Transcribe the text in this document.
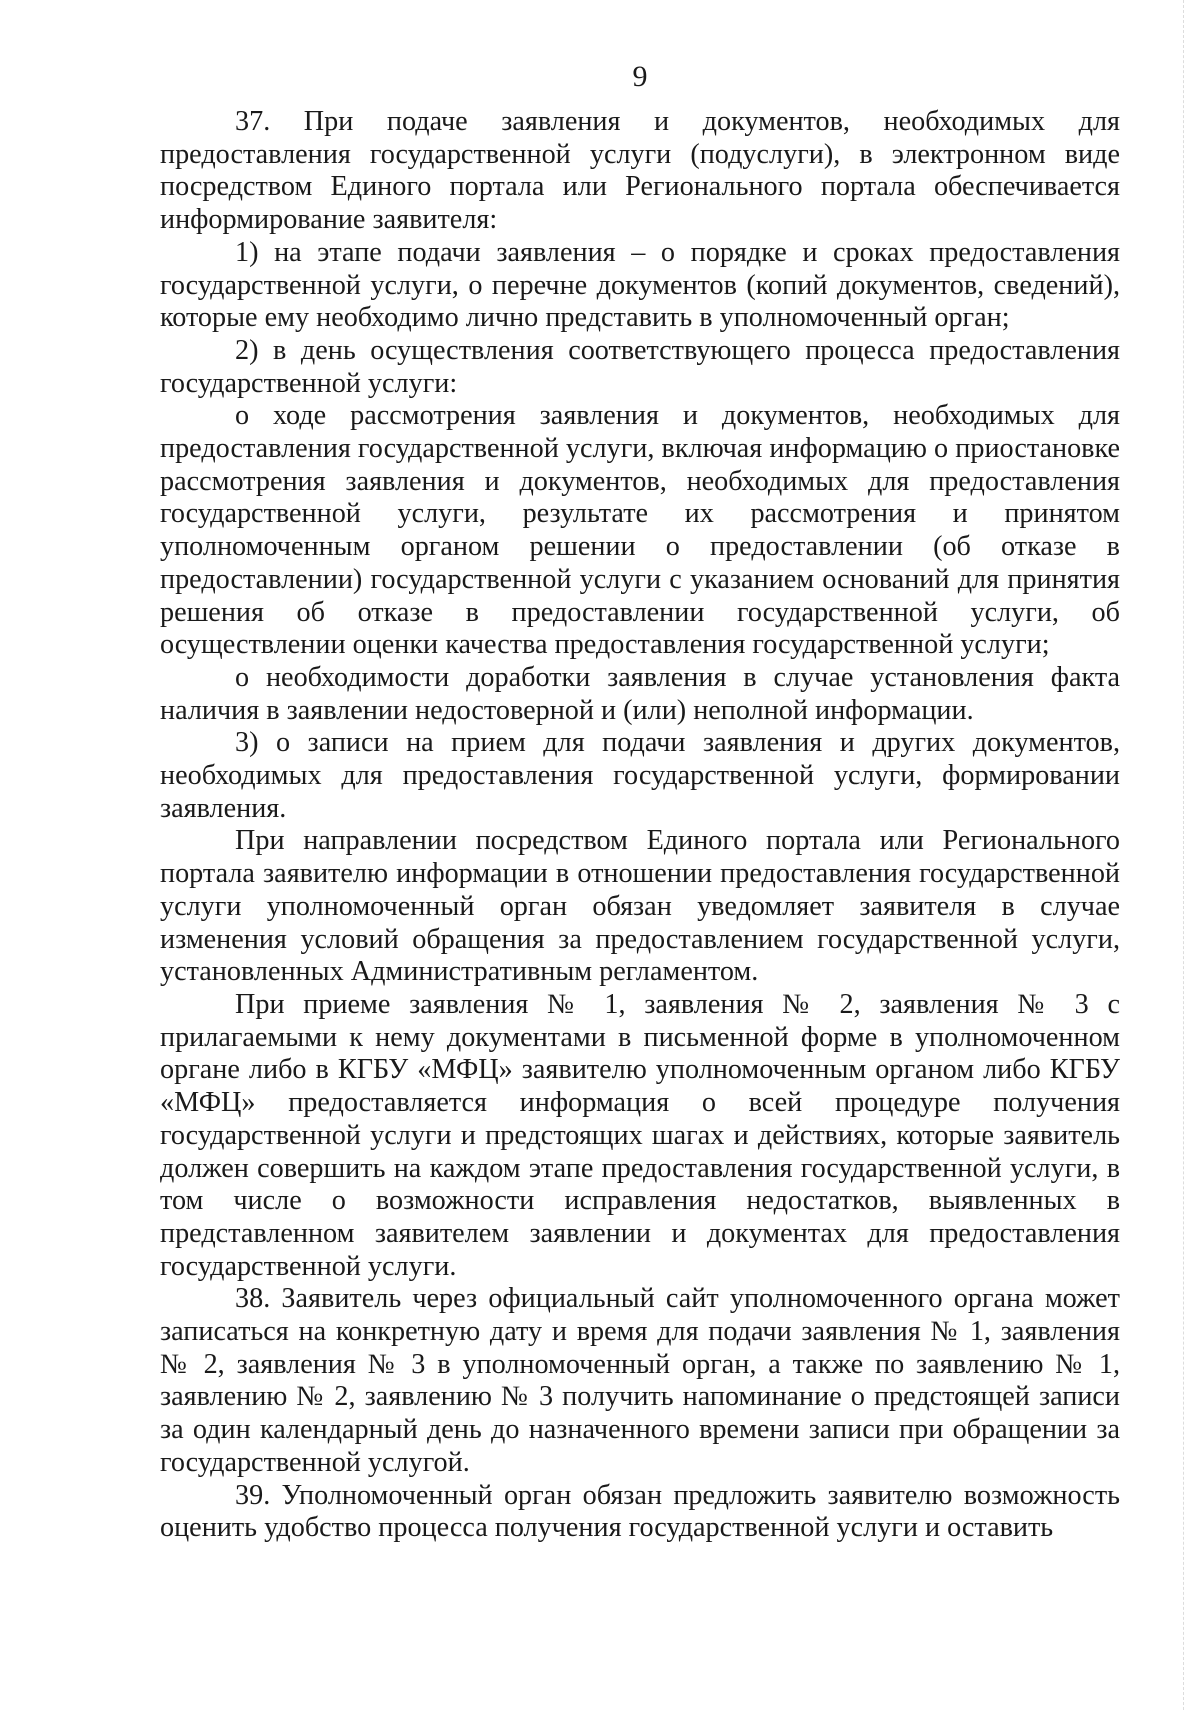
9

37. При подаче заявления и документов, необходимых для предоставления государственной услуги (подуслуги), в электронном виде посредством Единого портала или Регионального портала обеспечивается информирование заявителя:

1) на этапе подачи заявления – о порядке и сроках предоставления государственной услуги, о перечне документов (копий документов, сведений), которые ему необходимо лично представить в уполномоченный орган;

2) в день осуществления соответствующего процесса предоставления государственной услуги:

о ходе рассмотрения заявления и документов, необходимых для предоставления государственной услуги, включая информацию о приостановке рассмотрения заявления и документов, необходимых для предоставления государственной услуги, результате их рассмотрения и принятом уполномоченным органом решении о предоставлении (об отказе в предоставлении) государственной услуги с указанием оснований для принятия решения об отказе в предоставлении государственной услуги, об осуществлении оценки качества предоставления государственной услуги;

о необходимости доработки заявления в случае установления факта наличия в заявлении недостоверной и (или) неполной информации.

3) о записи на прием для подачи заявления и других документов, необходимых для предоставления государственной услуги, формировании заявления.

При направлении посредством Единого портала или Регионального портала заявителю информации в отношении предоставления государственной услуги уполномоченный орган обязан уведомляет заявителя в случае изменения условий обращения за предоставлением государственной услуги, установленных Административным регламентом.

При приеме заявления № 1, заявления № 2, заявления № 3 с прилагаемыми к нему документами в письменной форме в уполномоченном органе либо в КГБУ «МФЦ» заявителю уполномоченным органом либо КГБУ «МФЦ» предоставляется информация о всей процедуре получения государственной услуги и предстоящих шагах и действиях, которые заявитель должен совершить на каждом этапе предоставления государственной услуги, в том числе о возможности исправления недостатков, выявленных в представленном заявителем заявлении и документах для предоставления государственной услуги.

38. Заявитель через официальный сайт уполномоченного органа может записаться на конкретную дату и время для подачи заявления № 1, заявления № 2, заявления № 3 в уполномоченный орган, а также по заявлению № 1, заявлению № 2, заявлению № 3 получить напоминание о предстоящей записи за один календарный день до назначенного времени записи при обращении за государственной услугой.

39. Уполномоченный орган обязан предложить заявителю возможность оценить удобство процесса получения государственной услуги и оставить
